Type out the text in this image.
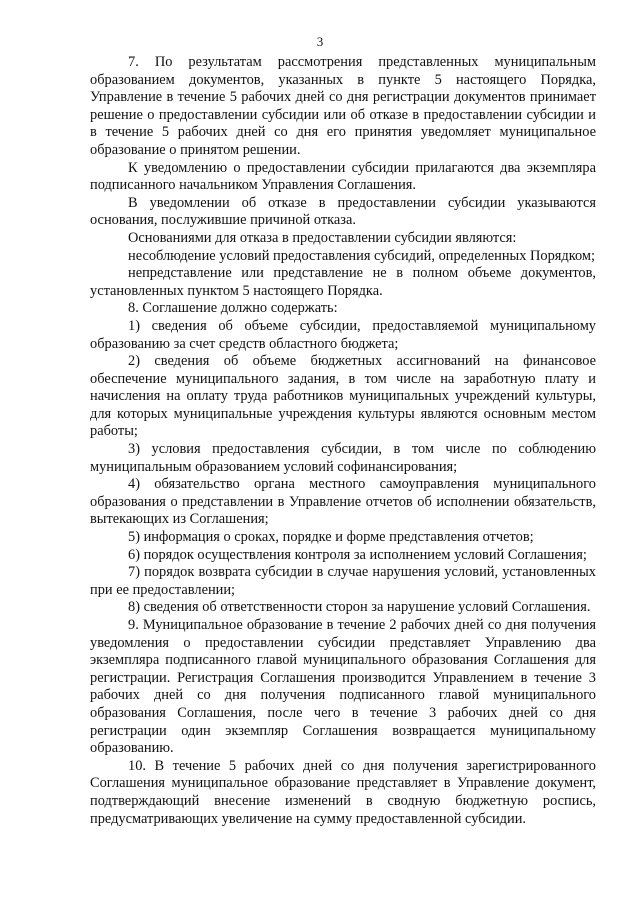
3

7. По результатам рассмотрения представленных муниципальным образованием документов, указанных в пункте 5 настоящего Порядка, Управление в течение 5 рабочих дней со дня регистрации документов принимает решение о предоставлении субсидии или об отказе в предоставлении субсидии и в течение 5 рабочих дней со дня его принятия уведомляет муниципальное образование о принятом решении.

К уведомлению о предоставлении субсидии прилагаются два экземпляра подписанного начальником Управления Соглашения.

В уведомлении об отказе в предоставлении субсидии указываются основания, послужившие причиной отказа.

Основаниями для отказа в предоставлении субсидии являются:

несоблюдение условий предоставления субсидий, определенных Порядком;

непредставление или представление не в полном объеме документов, установленных пунктом 5 настоящего Порядка.

8. Соглашение должно содержать:

1) сведения об объеме субсидии, предоставляемой муниципальному образованию за счет средств областного бюджета;

2) сведения об объеме бюджетных ассигнований на финансовое обеспечение муниципального задания, в том числе на заработную плату и начисления на оплату труда работников муниципальных учреждений культуры, для которых муниципальные учреждения культуры являются основным местом работы;

3) условия предоставления субсидии, в том числе по соблюдению муниципальным образованием условий софинансирования;

4) обязательство органа местного самоуправления муниципального образования о представлении в Управление отчетов об исполнении обязательств, вытекающих из Соглашения;

5) информация о сроках, порядке и форме представления отчетов;

6) порядок осуществления контроля за исполнением условий Соглашения;

7) порядок возврата субсидии в случае нарушения условий, установленных при ее предоставлении;

8) сведения об ответственности сторон за нарушение условий Соглашения.

9. Муниципальное образование в течение 2 рабочих дней со дня получения уведомления о предоставлении субсидии представляет Управлению два экземпляра подписанного главой муниципального образования Соглашения для регистрации. Регистрация Соглашения производится Управлением в течение 3 рабочих дней со дня получения подписанного главой муниципального образования Соглашения, после чего в течение 3 рабочих дней со дня регистрации один экземпляр Соглашения возвращается муниципальному образованию.

10. В течение 5 рабочих дней со дня получения зарегистрированного Соглашения муниципальное образование представляет в Управление документ, подтверждающий внесение изменений в сводную бюджетную роспись, предусматривающих увеличение на сумму предоставленной субсидии.
